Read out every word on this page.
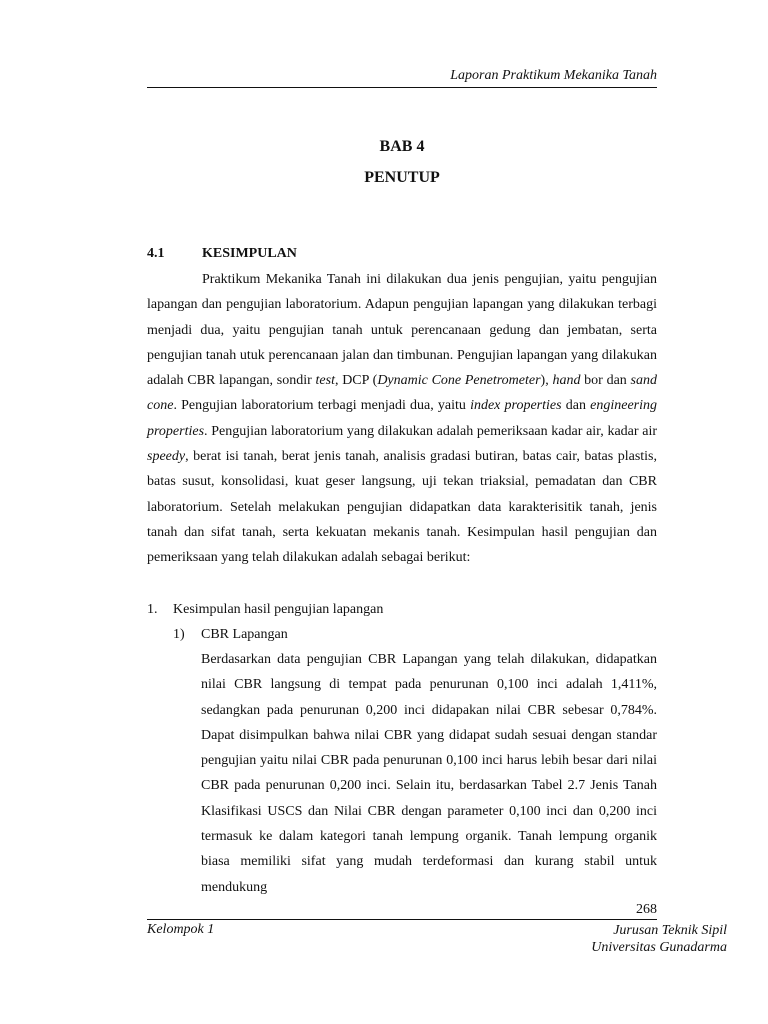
Laporan Praktikum Mekanika Tanah
BAB 4
PENUTUP
4.1	KESIMPULAN

Praktikum Mekanika Tanah ini dilakukan dua jenis pengujian, yaitu pengujian lapangan dan pengujian laboratorium. Adapun pengujian lapangan yang dilakukan terbagi menjadi dua, yaitu pengujian tanah untuk perencanaan gedung dan jembatan, serta pengujian tanah utuk perencanaan jalan dan timbunan. Pengujian lapangan yang dilakukan adalah CBR lapangan, sondir test, DCP (Dynamic Cone Penetrometer), hand bor dan sand cone. Pengujian laboratorium terbagi menjadi dua, yaitu index properties dan engineering properties. Pengujian laboratorium yang dilakukan adalah pemeriksaan kadar air, kadar air speedy, berat isi tanah, berat jenis tanah, analisis gradasi butiran, batas cair, batas plastis, batas susut, konsolidasi, kuat geser langsung, uji tekan triaksial, pemadatan dan CBR laboratorium. Setelah melakukan pengujian didapatkan data karakterisitik tanah, jenis tanah dan sifat tanah, serta kekuatan mekanis tanah. Kesimpulan hasil pengujian dan pemeriksaan yang telah dilakukan adalah sebagai berikut:

1. Kesimpulan hasil pengujian lapangan
1) CBR Lapangan

Berdasarkan data pengujian CBR Lapangan yang telah dilakukan, didapatkan nilai CBR langsung di tempat pada penurunan 0,100 inci adalah 1,411%, sedangkan pada penurunan 0,200 inci didapakan nilai CBR sebesar 0,784%. Dapat disimpulkan bahwa nilai CBR yang didapat sudah sesuai dengan standar pengujian yaitu nilai CBR pada penurunan 0,100 inci harus lebih besar dari nilai CBR pada penurunan 0,200 inci. Selain itu, berdasarkan Tabel 2.7 Jenis Tanah Klasifikasi USCS dan Nilai CBR dengan parameter 0,100 inci dan 0,200 inci termasuk ke dalam kategori tanah lempung organik. Tanah lempung organik biasa memiliki sifat yang mudah terdeformasi dan kurang stabil untuk mendukung

268
Kelompok 1	Jurusan Teknik Sipil
Universitas Gunadarma
